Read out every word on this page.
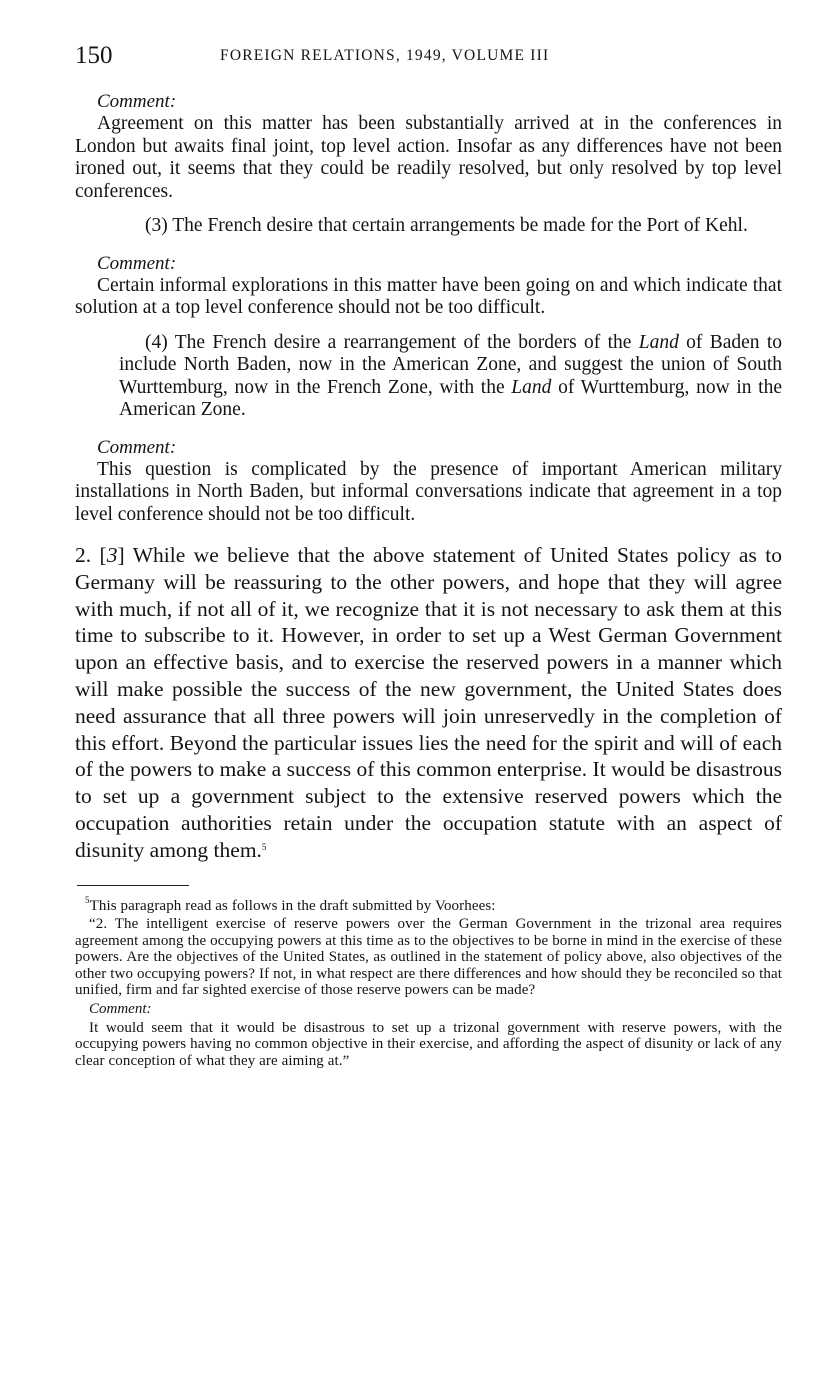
150	FOREIGN RELATIONS, 1949, VOLUME III
Comment:

Agreement on this matter has been substantially arrived at in the conferences in London but awaits final joint, top level action. Insofar as any differences have not been ironed out, it seems that they could be readily resolved, but only resolved by top level conferences.

(3) The French desire that certain arrangements be made for the Port of Kehl.

Comment:

Certain informal explorations in this matter have been going on and which indicate that solution at a top level conference should not be too difficult.

(4) The French desire a rearrangement of the borders of the Land of Baden to include North Baden, now in the American Zone, and suggest the union of South Wurttemburg, now in the French Zone, with the Land of Wurttemburg, now in the American Zone.

Comment:

This question is complicated by the presence of important American military installations in North Baden, but informal conversations indicate that agreement in a top level conference should not be too difficult.

2. [3] While we believe that the above statement of United States policy as to Germany will be reassuring to the other powers, and hope that they will agree with much, if not all of it, we recognize that it is not necessary to ask them at this time to subscribe to it. However, in order to set up a West German Government upon an effective basis, and to exercise the reserved powers in a manner which will make possible the success of the new government, the United States does need assurance that all three powers will join unreservedly in the completion of this effort. Beyond the particular issues lies the need for the spirit and will of each of the powers to make a success of this common enterprise. It would be disastrous to set up a government subject to the extensive reserved powers which the occupation authorities retain under the occupation statute with an aspect of disunity among them.$^5$

$^5$This paragraph read as follows in the draft submitted by Voorhees:

“2. The intelligent exercise of reserve powers over the German Government in the trizonal area requires agreement among the occupying powers at this time as to the objectives to be borne in mind in the exercise of these powers. Are the objectives of the United States, as outlined in the statement of policy above, also objectives of the other two occupying powers? If not, in what respect are there differences and how should they be reconciled so that unified, firm and far sighted exercise of those reserve powers can be made?

Comment:

It would seem that it would be disastrous to set up a trizonal government with reserve powers, with the occupying powers having no common objective in their exercise, and affording the aspect of disunity or lack of any clear conception of what they are aiming at.”
